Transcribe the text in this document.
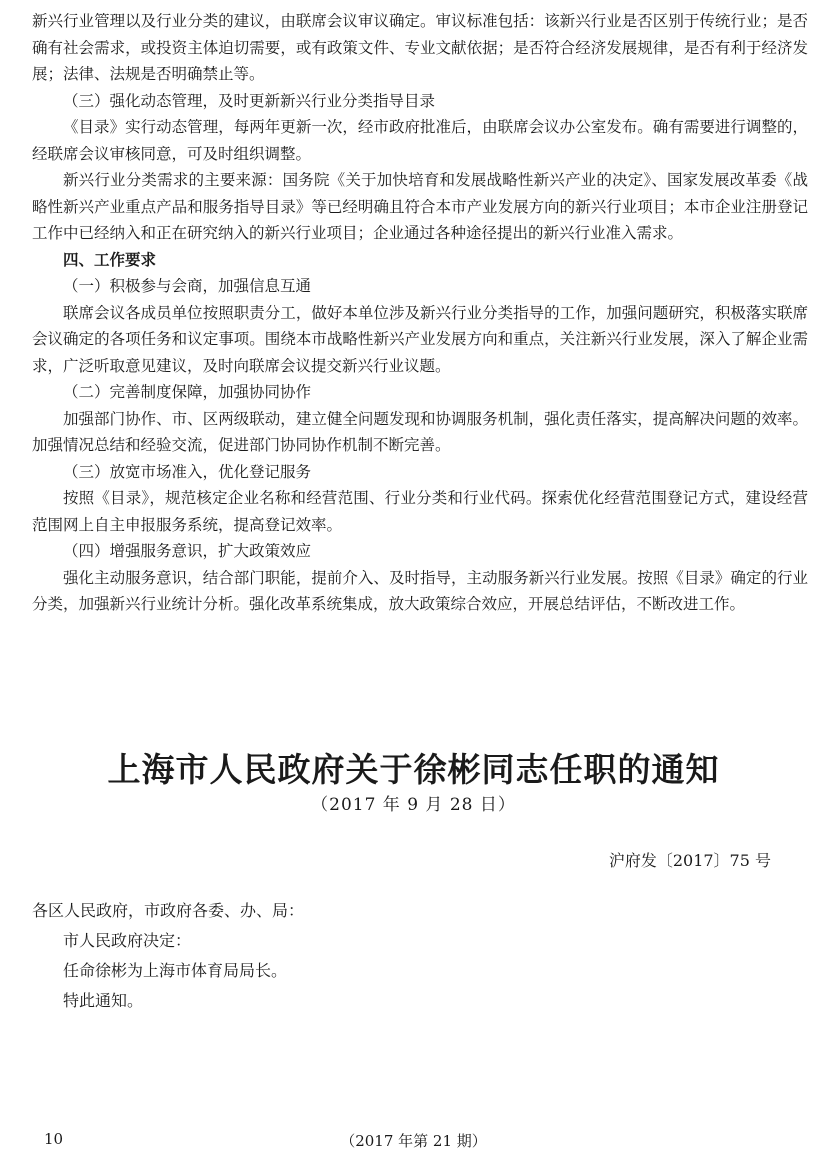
新兴行业管理以及行业分类的建议，由联席会议审议确定。审议标准包括：该新兴行业是否区别于传统行业；是否确有社会需求，或投资主体迫切需要，或有政策文件、专业文献依据；是否符合经济发展规律，是否有利于经济发展；法律、法规是否明确禁止等。

（三）强化动态管理，及时更新新兴行业分类指导目录

《目录》实行动态管理，每两年更新一次，经市政府批准后，由联席会议办公室发布。确有需要进行调整的，经联席会议审核同意，可及时组织调整。

新兴行业分类需求的主要来源：国务院《关于加快培育和发展战略性新兴产业的决定》、国家发展改革委《战略性新兴产业重点产品和服务指导目录》等已经明确且符合本市产业发展方向的新兴行业项目；本市企业注册登记工作中已经纳入和正在研究纳入的新兴行业项目；企业通过各种途径提出的新兴行业准入需求。

四、工作要求

（一）积极参与会商，加强信息互通

联席会议各成员单位按照职责分工，做好本单位涉及新兴行业分类指导的工作，加强问题研究，积极落实联席会议确定的各项任务和议定事项。围绕本市战略性新兴产业发展方向和重点，关注新兴行业发展，深入了解企业需求，广泛听取意见建议，及时向联席会议提交新兴行业议题。

（二）完善制度保障，加强协同协作

加强部门协作、市、区两级联动，建立健全问题发现和协调服务机制，强化责任落实，提高解决问题的效率。加强情况总结和经验交流，促进部门协同协作机制不断完善。

（三）放宽市场准入，优化登记服务

按照《目录》，规范核定企业名称和经营范围、行业分类和行业代码。探索优化经营范围登记方式，建设经营范围网上自主申报服务系统，提高登记效率。

（四）增强服务意识，扩大政策效应

强化主动服务意识，结合部门职能，提前介入、及时指导，主动服务新兴行业发展。按照《目录》确定的行业分类，加强新兴行业统计分析。强化改革系统集成，放大政策综合效应，开展总结评估，不断改进工作。

上海市人民政府关于徐彬同志任职的通知
（2017 年 9 月 28 日）
沪府发〔2017〕75 号

各区人民政府，市政府各委、办、局：

市人民政府决定：

任命徐彬为上海市体育局局长。

特此通知。

10	（2017 年第 21 期）
